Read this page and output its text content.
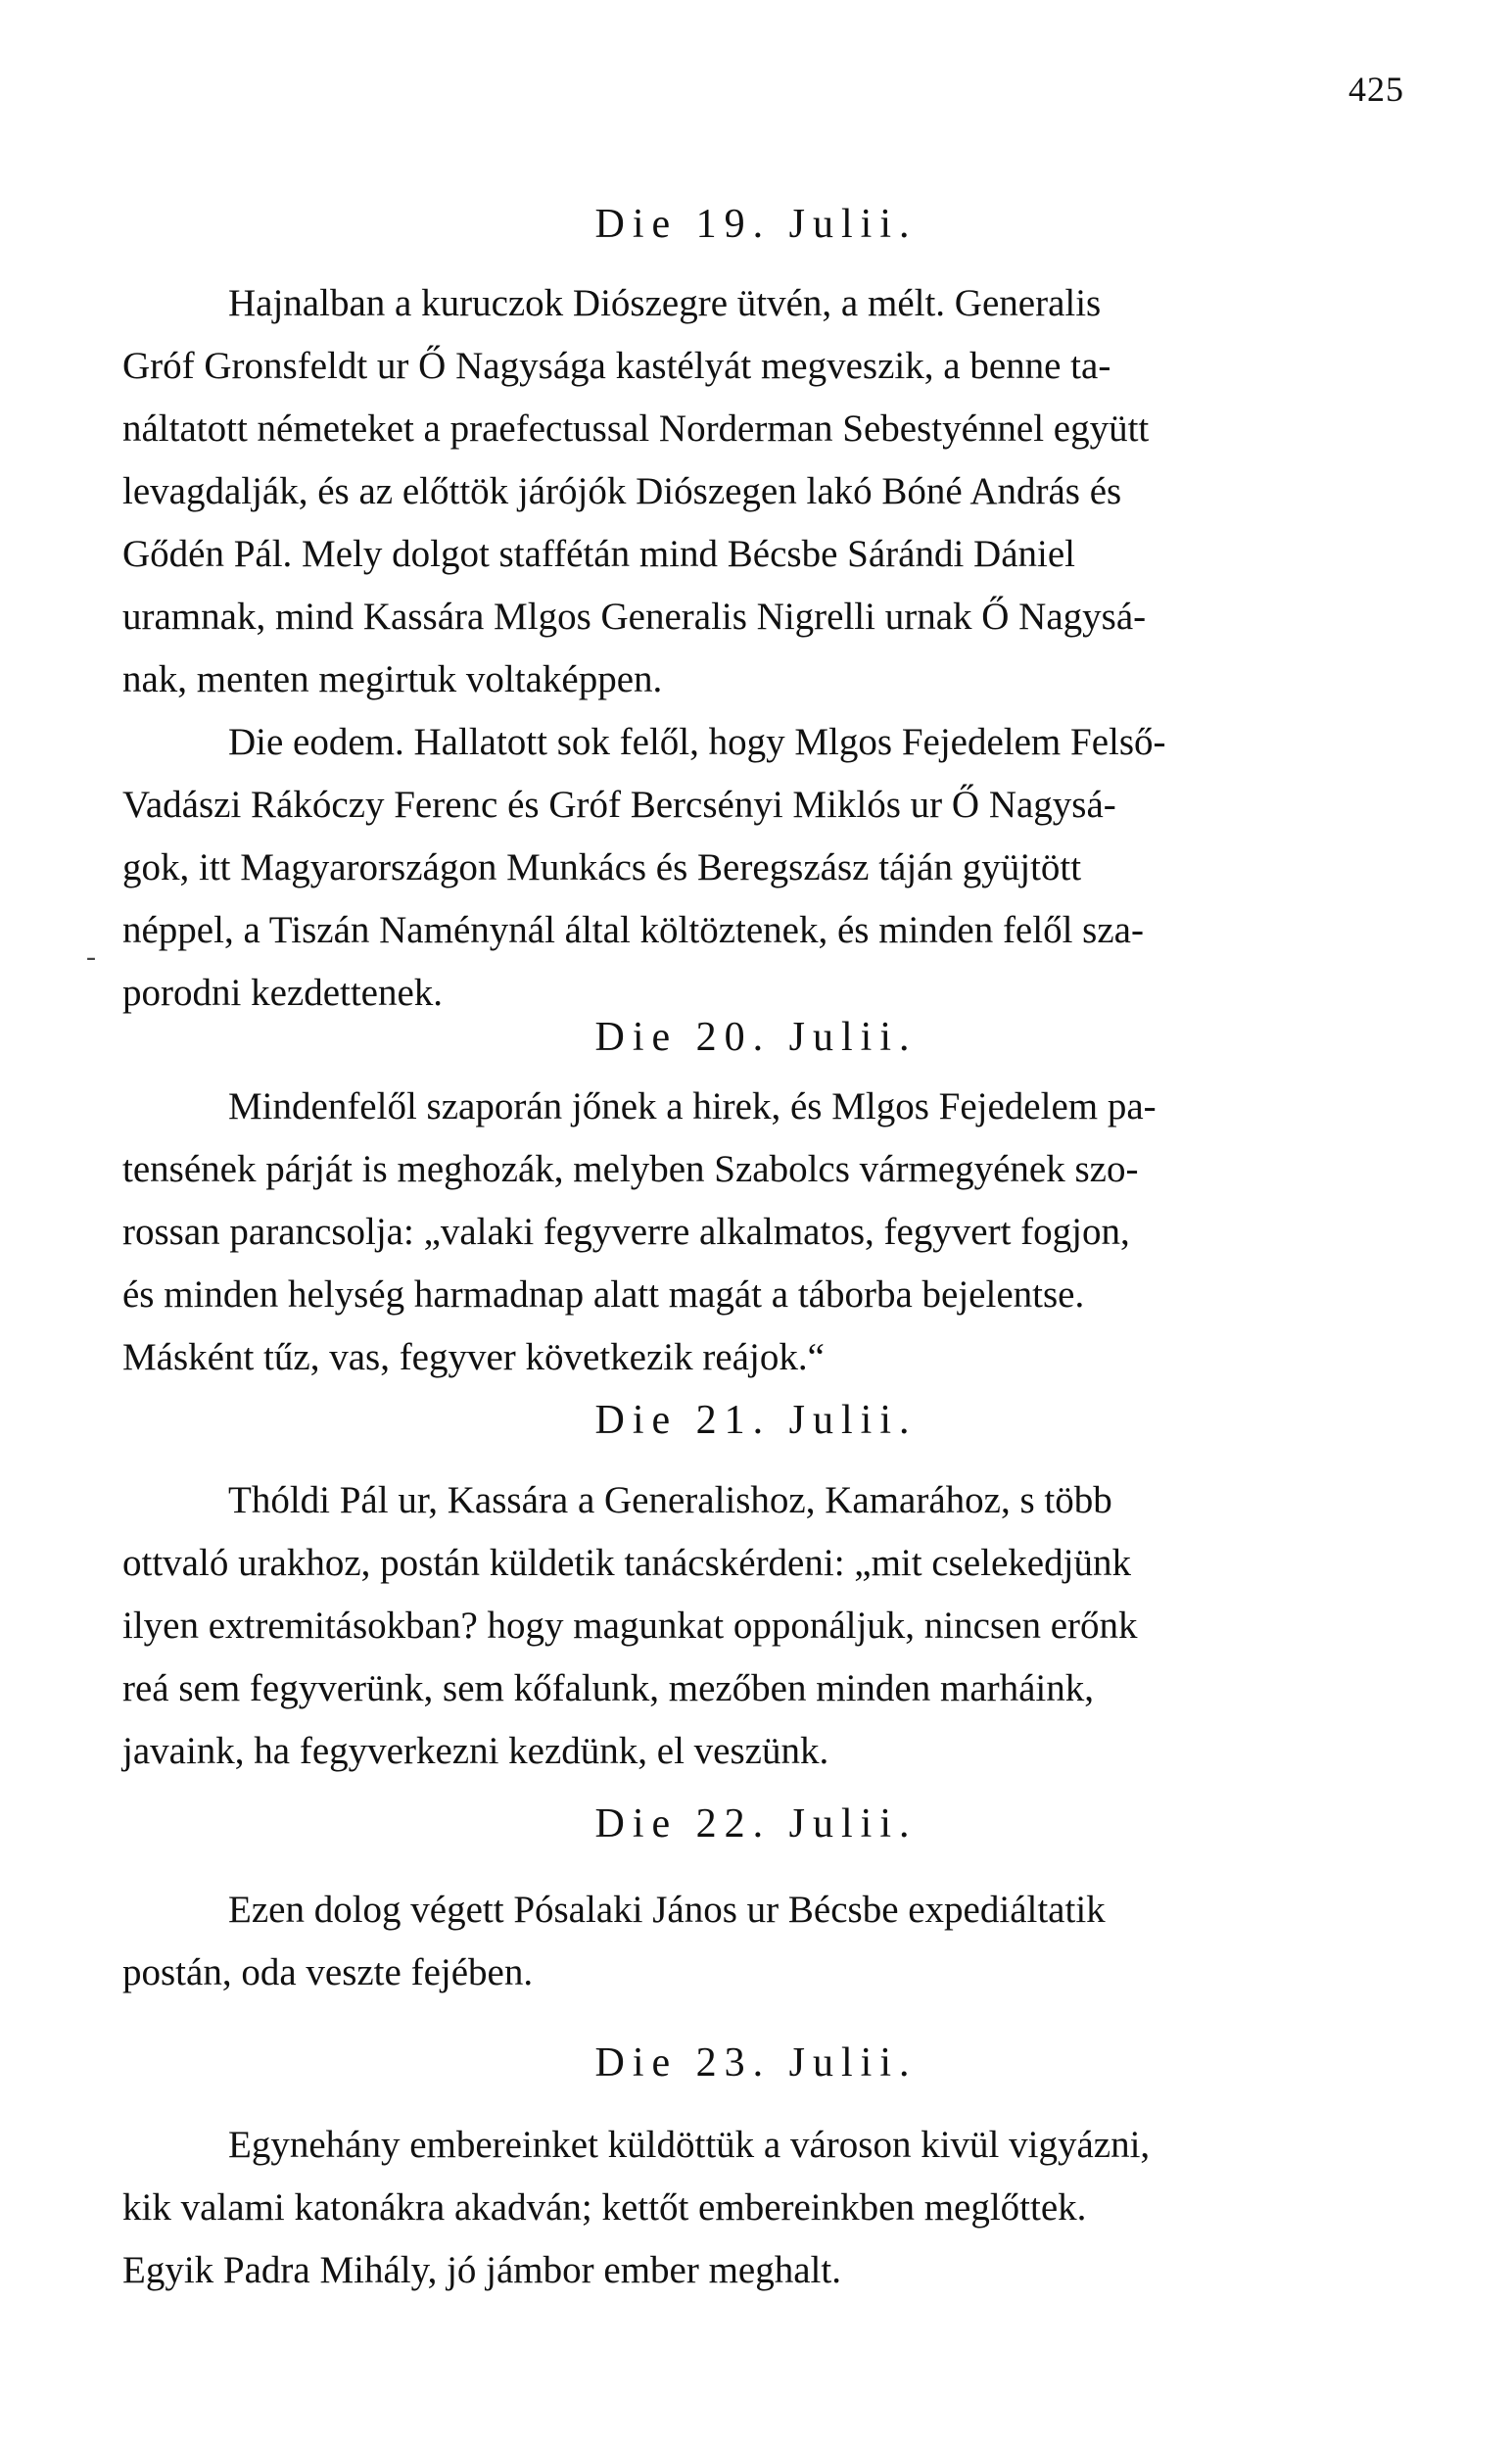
425
-
Die 19. Julii.

Hajnalban a kuruczok Diószegre ütvén, a mélt. Generalis
Gróf Gronsfeldt ur Ő Nagysága kastélyát megveszik, a benne ta-
náltatott németeket a praefectussal Norderman Sebestyénnel együtt
levagdalják, és az előttök járójók Diószegen lakó Bóné András és
Gődén Pál. Mely dolgot staffétán mind Bécsbe Sárándi Dániel
uramnak, mind Kassára Mlgos Generalis Nigrelli urnak Ő Nagysá-
nak, menten megirtuk voltaképpen.

Die eodem. Hallatott sok felől, hogy Mlgos Fejedelem Felső-
Vadászi Rákóczy Ferenc és Gróf Bercsényi Miklós ur Ő Nagysá-
gok, itt Magyarországon Munkács és Beregszász táján gyüjtött
néppel, a Tiszán Naménynál által költöztenek, és minden felől sza-
porodni kezdettenek.

Die 20. Julii.

Mindenfelől szaporán jőnek a hirek, és Mlgos Fejedelem pa-
tensének párját is meghozák, melyben Szabolcs vármegyének szo-
rossan parancsolja: „valaki fegyverre alkalmatos, fegyvert fogjon,
és minden helység harmadnap alatt magát a táborba bejelentse.
Másként tűz, vas, fegyver következik reájok.“

Die 21. Julii.

Thóldi Pál ur, Kassára a Generalishoz, Kamarához, s több
ottvaló urakhoz, postán küldetik tanácskérdeni: „mit cselekedjünk
ilyen extremitásokban? hogy magunkat opponáljuk, nincsen erőnk
reá sem fegyverünk, sem kőfalunk, mezőben minden marháink,
javaink, ha fegyverkezni kezdünk, el veszünk.

Die 22. Julii.

Ezen dolog végett Pósalaki János ur Bécsbe expediáltatik
postán, oda veszte fejében.

Die 23. Julii.

Egynehány embereinket küldöttük a városon kivül vigyázni,
kik valami katonákra akadván; kettőt embereinkben meglőttek.
Egyik Padra Mihály, jó jámbor ember meghalt.
